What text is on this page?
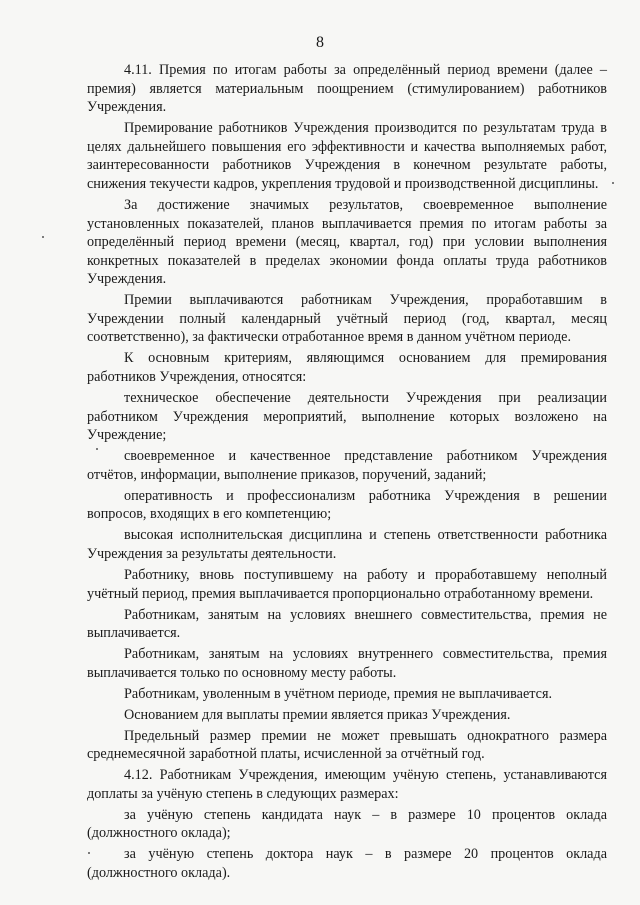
8

4.11. Премия по итогам работы за определённый период времени (далее – премия) является материальным поощрением (стимулированием) работников Учреждения.

Премирование работников Учреждения производится по результатам труда в целях дальнейшего повышения его эффективности и качества выполняемых работ, заинтересованности работников Учреждения в конечном результате работы, снижения текучести кадров, укрепления трудовой и производственной дисциплины.

За достижение значимых результатов, своевременное выполнение установленных показателей, планов выплачивается премия по итогам работы за определённый период времени (месяц, квартал, год) при условии выполнения конкретных показателей в пределах экономии фонда оплаты труда работников Учреждения.

Премии выплачиваются работникам Учреждения, проработавшим в Учреждении полный календарный учётный период (год, квартал, месяц соответственно), за фактически отработанное время в данном учётном периоде.

К основным критериям, являющимся основанием для премирования работников Учреждения, относятся:

техническое обеспечение деятельности Учреждения при реализации работником Учреждения мероприятий, выполнение которых возложено на Учреждение;

своевременное и качественное представление работником Учреждения отчётов, информации, выполнение приказов, поручений, заданий;

оперативность и профессионализм работника Учреждения в решении вопросов, входящих в его компетенцию;

высокая исполнительская дисциплина и степень ответственности работника Учреждения за результаты деятельности.

Работнику, вновь поступившему на работу и проработавшему неполный учётный период, премия выплачивается пропорционально отработанному времени.

Работникам, занятым на условиях внешнего совместительства, премия не выплачивается.

Работникам, занятым на условиях внутреннего совместительства, премия выплачивается только по основному месту работы.

Работникам, уволенным в учётном периоде, премия не выплачивается.

Основанием для выплаты премии является приказ Учреждения.

Предельный размер премии не может превышать однократного размера среднемесячной заработной платы, исчисленной за отчётный год.

4.12. Работникам Учреждения, имеющим учёную степень, устанавливаются доплаты за учёную степень в следующих размерах:

за учёную степень кандидата наук – в размере 10 процентов оклада (должностного оклада);

за учёную степень доктора наук – в размере 20 процентов оклада (должностного оклада).
